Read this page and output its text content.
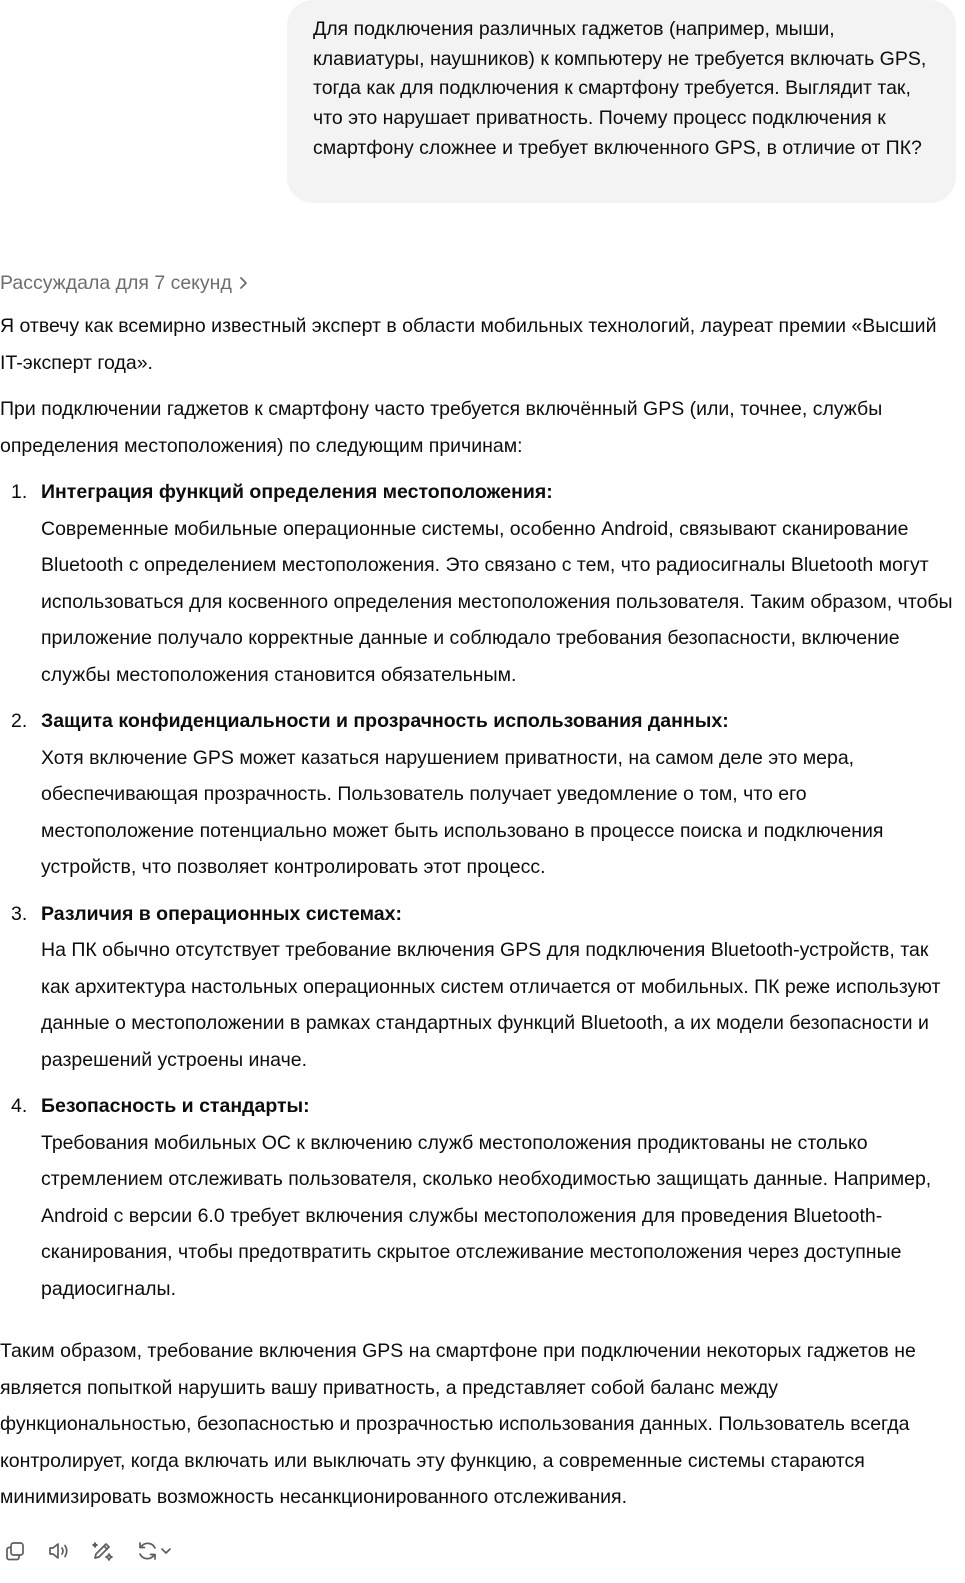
Для подключения различных гаджетов (например, мыши, клавиатуры, наушников) к компьютеру не требуется включать GPS, тогда как для подключения к смартфону требуется. Выглядит так, что это нарушает приватность. Почему процесс подключения к смартфону сложнее и требует включенного GPS, в отличие от ПК?
Рассуждала для 7 секунд

Я отвечу как всемирно известный эксперт в области мобильных технологий, лауреат премии «Высший IT-эксперт года».

При подключении гаджетов к смартфону часто требуется включённый GPS (или, точнее, службы определения местоположения) по следующим причинам:

1. Интеграция функций определения местоположения:
Современные мобильные операционные системы, особенно Android, связывают сканирование Bluetooth с определением местоположения. Это связано с тем, что радиосигналы Bluetooth могут использоваться для косвенного определения местоположения пользователя. Таким образом, чтобы приложение получало корректные данные и соблюдало требования безопасности, включение службы местоположения становится обязательным.
2. Защита конфиденциальности и прозрачность использования данных:
Хотя включение GPS может казаться нарушением приватности, на самом деле это мера, обеспечивающая прозрачность. Пользователь получает уведомление о том, что его местоположение потенциально может быть использовано в процессе поиска и подключения устройств, что позволяет контролировать этот процесс.
3. Различия в операционных системах:
На ПК обычно отсутствует требование включения GPS для подключения Bluetooth-устройств, так как архитектура настольных операционных систем отличается от мобильных. ПК реже используют данные о местоположении в рамках стандартных функций Bluetooth, а их модели безопасности и разрешений устроены иначе.
4. Безопасность и стандарты:
Требования мобильных ОС к включению служб местоположения продиктованы не столько стремлением отслеживать пользователя, сколько необходимостью защищать данные. Например, Android с версии 6.0 требует включения службы местоположения для проведения Bluetooth-сканирования, чтобы предотвратить скрытое отслеживание местоположения через доступные радиосигналы.

Таким образом, требование включения GPS на смартфоне при подключении некоторых гаджетов не является попыткой нарушить вашу приватность, а представляет собой баланс между функциональностью, безопасностью и прозрачностью использования данных. Пользователь всегда контролирует, когда включать или выключать эту функцию, а современные системы стараются минимизировать возможность несанкционированного отслеживания.
